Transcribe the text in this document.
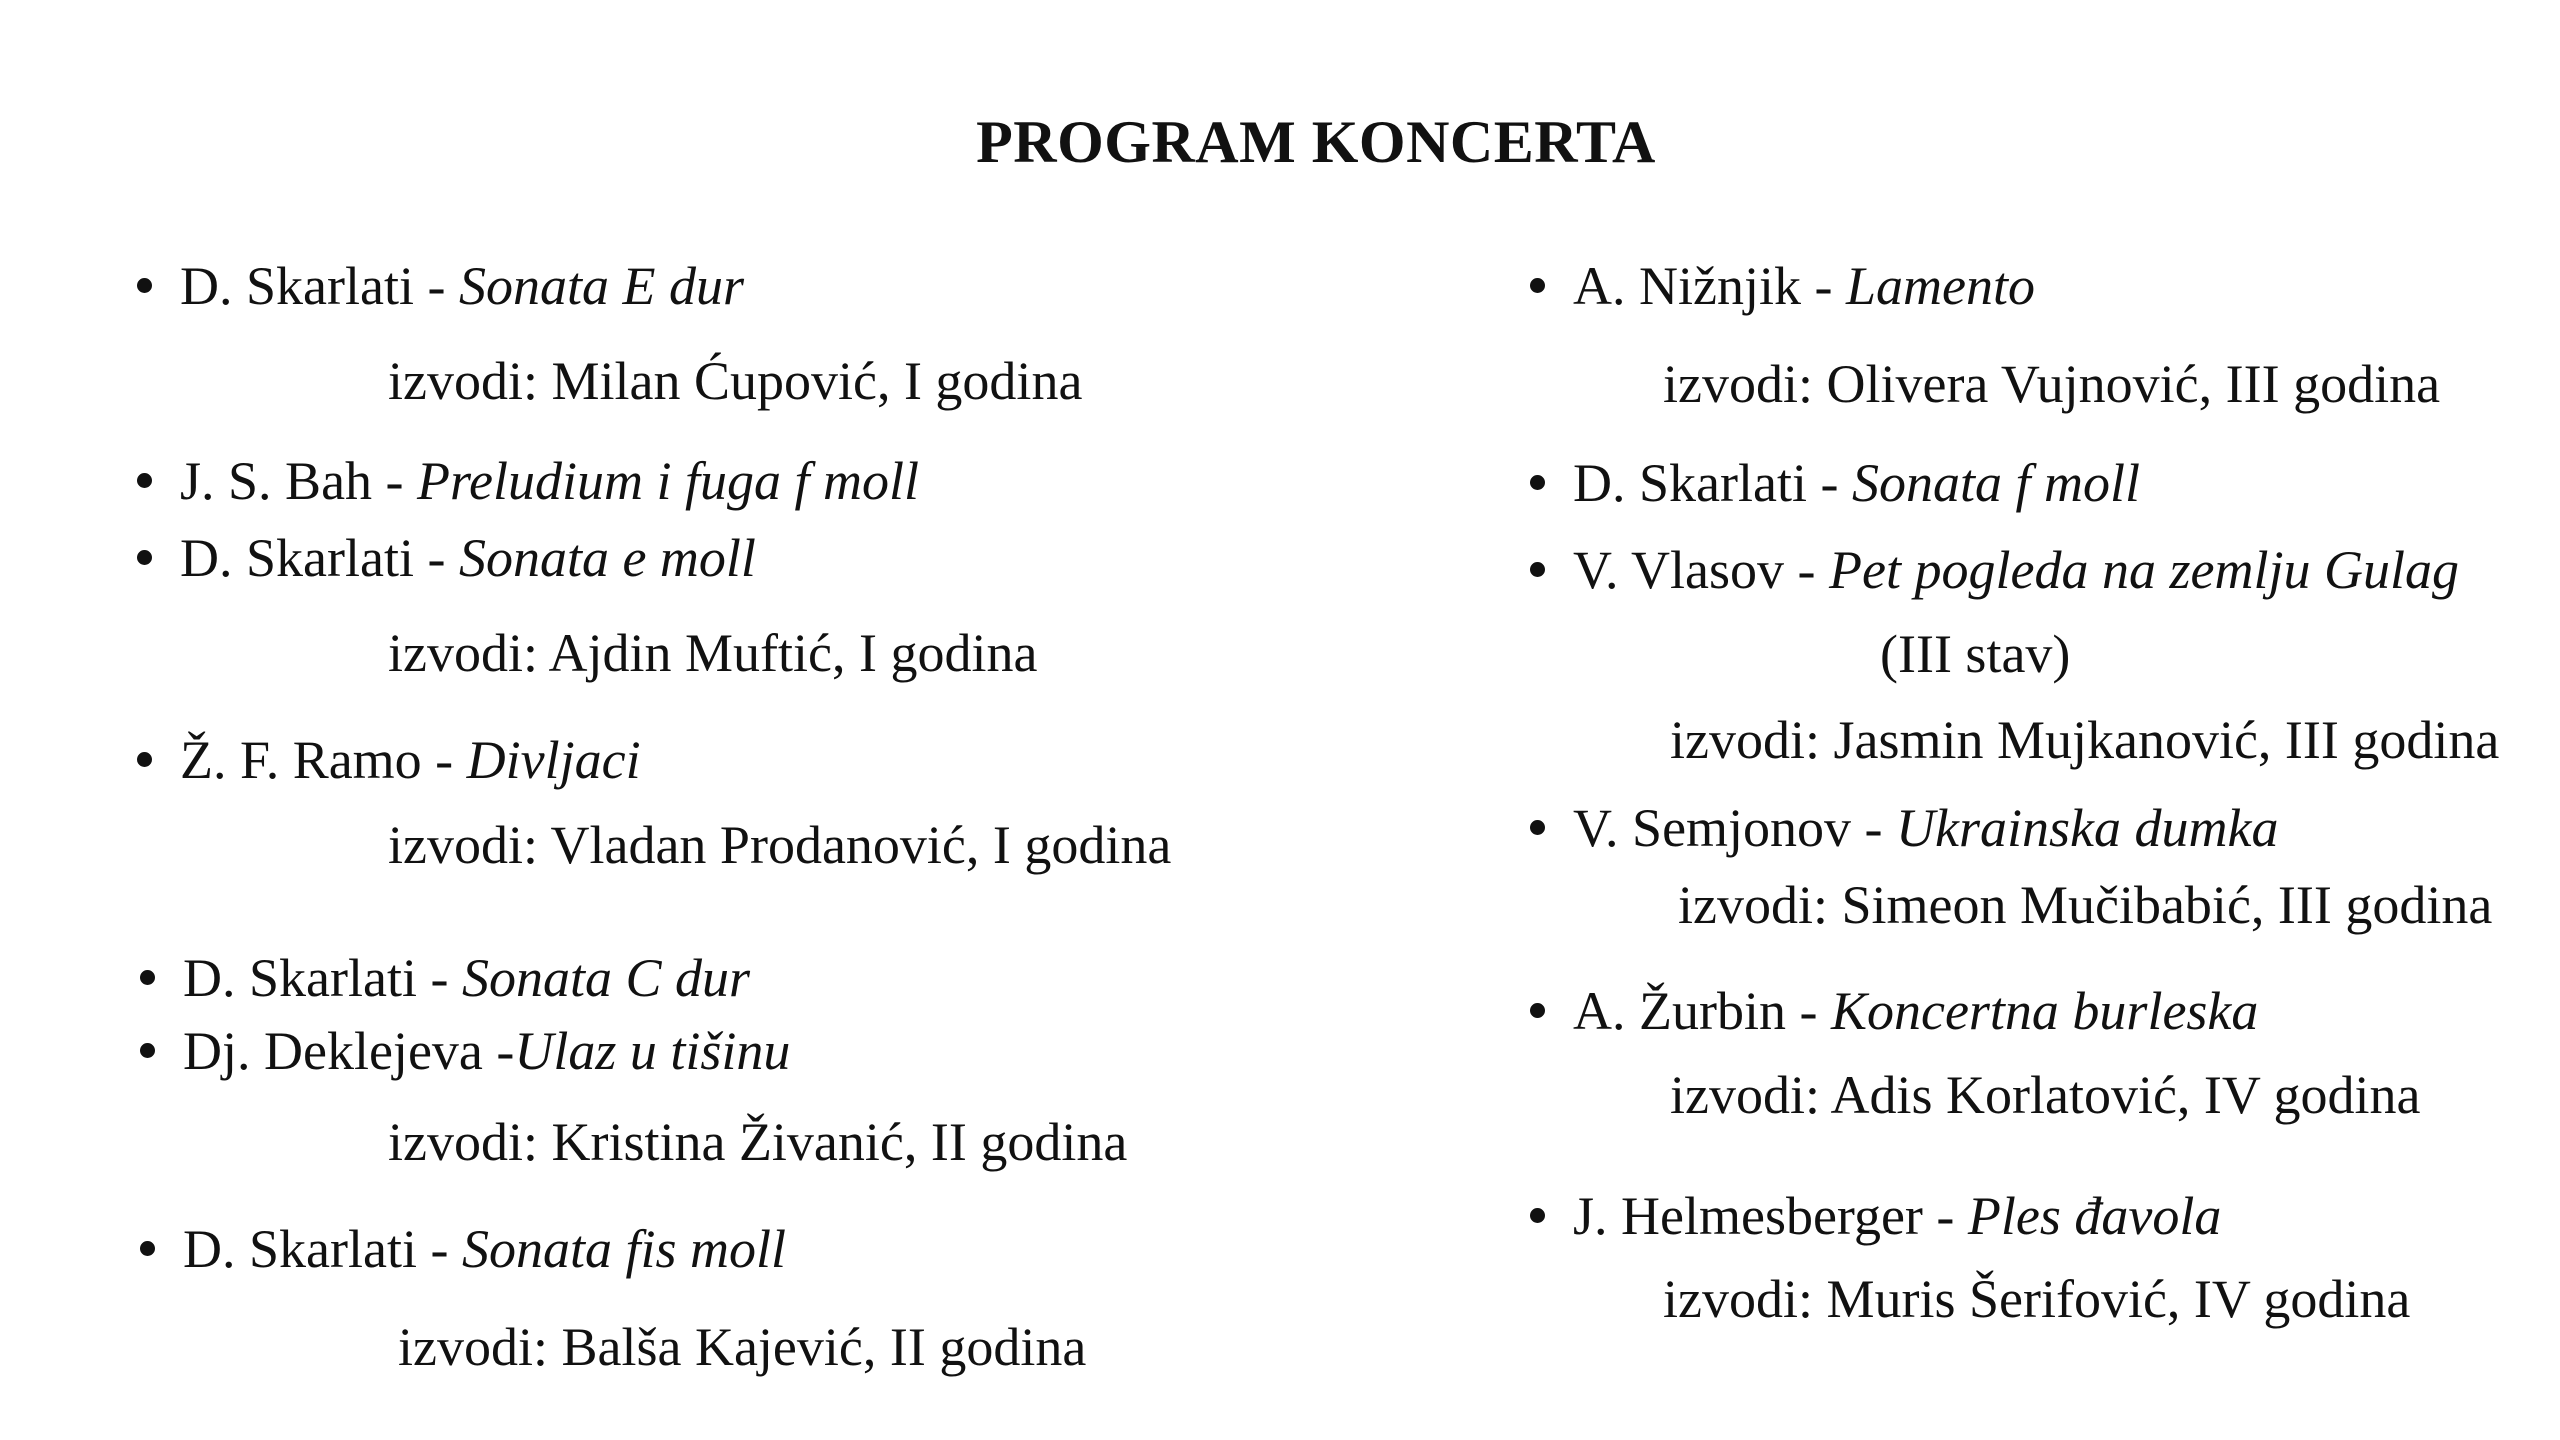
PROGRAM KONCERTA
D. Skarlati - Sonata E dur
izvodi: Milan Ćupović, I godina
J. S. Bah - Preludium i fuga f moll
D. Skarlati - Sonata e moll
izvodi: Ajdin Muftić, I godina
Ž. F. Ramo - Divljaci
izvodi: Vladan Prodanović, I godina
D. Skarlati - Sonata C dur
Dj. Deklejeva -Ulaz u tišinu
izvodi: Kristina Živanić, II godina
D. Skarlati - Sonata fis moll
izvodi: Balša Kajević, II godina
A. Nižnjik - Lamento
izvodi: Olivera Vujnović, III godina
D. Skarlati - Sonata f moll
V. Vlasov - Pet pogleda na zemlju Gulag
(III stav)
izvodi: Jasmin Mujkanović, III godina
V. Semjonov - Ukrainska dumka
izvodi: Simeon Mučibabić, III godina
A. Žurbin - Koncertna burleska
izvodi: Adis Korlatović, IV godina
J. Helmesberger - Ples đavola
izvodi: Muris Šerifović, IV godina
